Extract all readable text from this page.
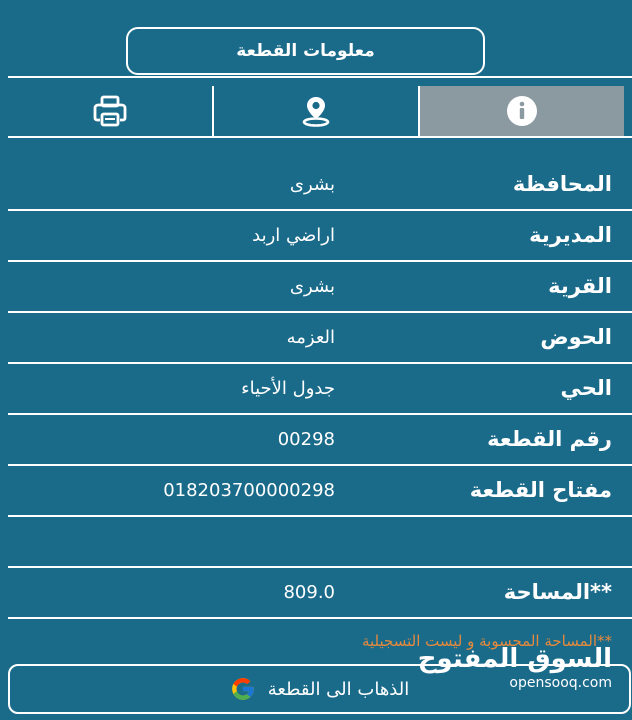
معلومات القطعة
المحافظة
بشرى
المديرية
اراضي اربد
القرية
بشرى
الحوض
العزمه
الحي
جدول الأحياء
رقم القطعة
00298
مفتاح القطعة
018203700000298
**المساحة
809.0
**المساحة المحسوبة و ليست التسجيلية
السوق المفتوح
opensooq.com
الذهاب الى القطعة
